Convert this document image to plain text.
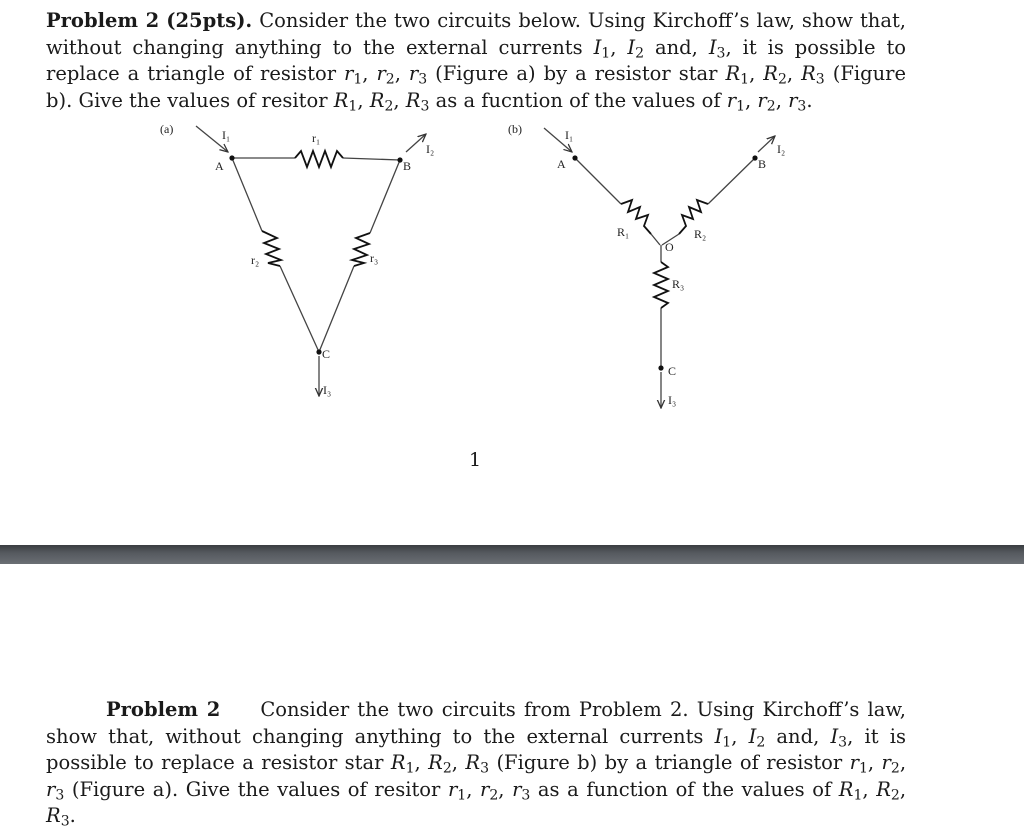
Problem 2 (25pts). Consider the two circuits below. Using Kirchoff’s law, show that, without changing anything to the external currents $I_1$, $I_2$ and, $I_3$, it is possible to replace a triangle of resistor $r_1$, $r_2$, $r_3$ (Figure a) by a resistor star $R_1$, $R_2$, $R_3$ (Figure b). Give the values of resitor $R_1$, $R_2$, $R_3$ as a fucntion of the values of $r_1$, $r_2$, $r_3$.

(a)	I₁
I₂
r₁
r₂	r₃
A	B
C
I₃
(b)	I₁
I₂
R₁	R₂
R₃
O
A	B
C
I₃
1

Problem 2 Consider the two circuits from Problem 2. Using Kirchoff’s law, show that, without changing anything to the external currents $I_1$, $I_2$ and, $I_3$, it is possible to replace a resistor star $R_1$, $R_2$, $R_3$ (Figure b) by a triangle of resistor $r_1$, $r_2$, $r_3$ (Figure a). Give the values of resitor $r_1$, $r_2$, $r_3$ as a function of the values of $R_1$, $R_2$, $R_3$.
